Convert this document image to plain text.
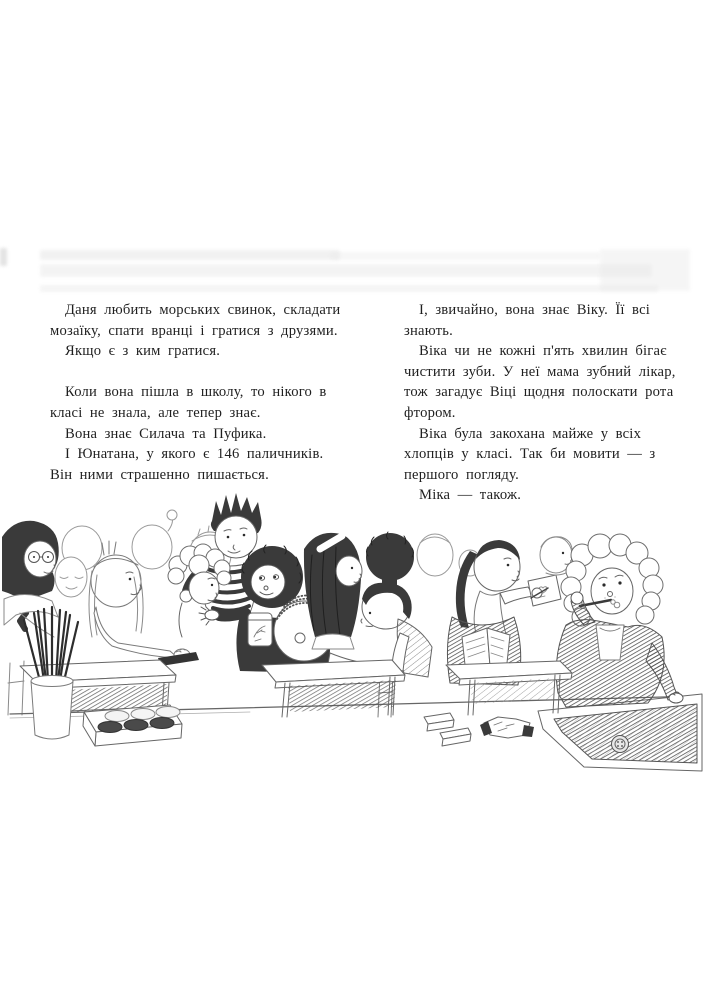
Даня любить морських свинок, складати мозаїку, спати вранці і гратися з друзями.

Якщо є з ким гратися.

Коли вона пішла в школу, то нікого в класі не знала, але тепер знає.

Вона знає Силача та Пуфика.

І Юнатана, у якого є 146 паличників. Він ними страшенно пишається.

І, звичайно, вона знає Віку. Її всі знають.

Віка чи не кожні п'ять хвилин бігає чистити зуби. У неї мама зубний лікар, тож загадує Віці щодня полоскати рота фтором.

Віка була закохана майже у всіх хлопців у класі. Так би мовити — з першого погляду.

Міка — також.
